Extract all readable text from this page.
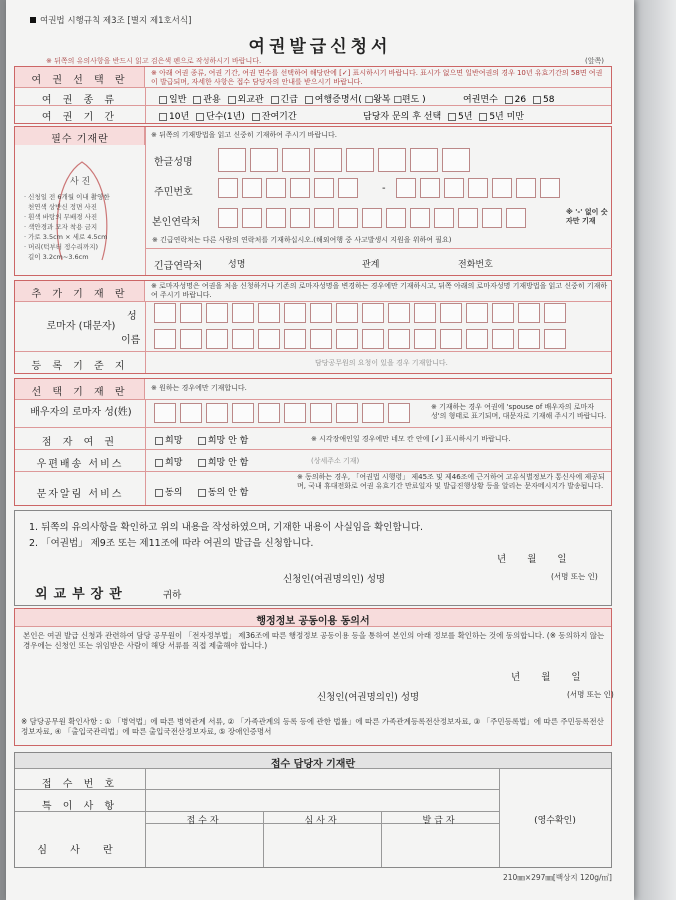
여권법 시행규칙 제3조 [별지 제1호서식]
여권발급신청서
※ 뒤쪽의 유의사항을 반드시 읽고 검은색 펜으로 작성하시기 바랍니다.	(앞쪽)
여 권 선 택 란
※ 아래 여권 종류, 여권 기간, 여권 면수를 선택하여 해당란에 [✓] 표시하시기 바랍니다. 표시가 없으면 일반여권의 경우 10년 유효기간의 58면 여권이 발급되며, 자세한 사항은 접수 담당자의 안내를 받으시기 바랍니다.
여 권 종 류	일반 관용 외교관 긴급 여행증명서( □왕복 □편도 )	여권면수 26 58
여 권 기 간	10년 단수(1년) 잔여기간	담당자 문의 후 선택 5년 5년 미만
필수 기재란	※ 뒤쪽의 기재방법을 읽고 신중히 기재하여 주시기 바랍니다.
사 진
· 신청일 전 6개월 이내 촬영한
천연색 상반신 정면 사진
· 흰색 바탕의 무배경 사진
· 색안경과 모자 착용 금지
· 가로 3.5cm × 세로 4.5cm
· 머리(턱부터 정수리까지)
길이 3.2cm~3.6cm
한글성명
주민번호
본인연락처
-
※ '-' 없이 숫자만 기재
※ 긴급연락처는 다른 사람의 연락처를 기재하십시오.(해외여행 중 사고발생시 지원을 위하여 필요)
긴급연락처	성명	관계	전화번호
추 가 기 재 란
※ 로마자성명은 여권을 처음 신청하거나 기존의 로마자성명을 변경하는 경우에만 기재하시고, 뒤쪽 아래의 로마자성명 기재방법을 읽고 신중히 기재하여 주시기 바랍니다.
로마자 (대문자)
성
이름
등 록 기 준 지	담당공무원의 요청이 있을 경우 기재합니다.
선 택 기 재 란	※ 원하는 경우에만 기재합니다.
배우자의 로마자 성(姓)	※ 기재하는 경우 여권에 'spouse of 배우자의 로마자 성'의 형태로 표기되며, 대문자로 기재해 주시기 바랍니다.
점 자 여 권	희망	희망 안 함	※ 시각장애인일 경우에만 네모 칸 안에 [✓] 표시하시기 바랍니다.
우편배송 서비스	희망	희망 안 함	(상세주소 기재)
문자알림 서비스	동의	동의 안 함
※ 동의하는 경우, 「여권법 시행령」 제45조 및 제46조에 근거하여 고유식별정보가 통신사에 제공되며, 국내 휴대전화로 여권 유효기간 만료일자 및 발급진행상황 등을 알리는 문자메시지가 발송됩니다.
1. 뒤쪽의 유의사항을 확인하고 위의 내용을 작성하였으며, 기재한 내용이 사실임을 확인합니다.
2. 「여권법」 제9조 또는 제11조에 따라 여권의 발급을 신청합니다.
년 월 일
신청인(여권명의인) 성명	(서명 또는 인)
외교부장관	귀하
행정정보 공동이용 동의서
본인은 여권 발급 신청과 관련하여 담당 공무원이 「전자정부법」 제36조에 따른 행정정보 공동이용 등을 통하여 본인의 아래 정보를 확인하는 것에 동의합니다. (※ 동의하지 않는 경우에는 신청인 또는 위임받은 사람이 해당 서류를 직접 제출해야 합니다.)
년 월 일
신청인(여권명의인) 성명	(서명 또는 인)
※ 담당공무원 확인사항 : ① 「병역법」에 따른 병역관계 서류, ② 「가족관계의 등록 등에 관한 법률」에 따른 가족관계등록전산정보자료, ③ 「주민등록법」에 따른 주민등록전산정보자료, ④ 「출입국관리법」에 따른 출입국전산정보자료, ⑤ 장애인증명서
접수 담당자 기재란
접 수 번 호
특 이 사 항
심 사 란
접수자	심사자	발급자	(영수확인)
210㎜×297㎜[백상지 120g/㎡]
